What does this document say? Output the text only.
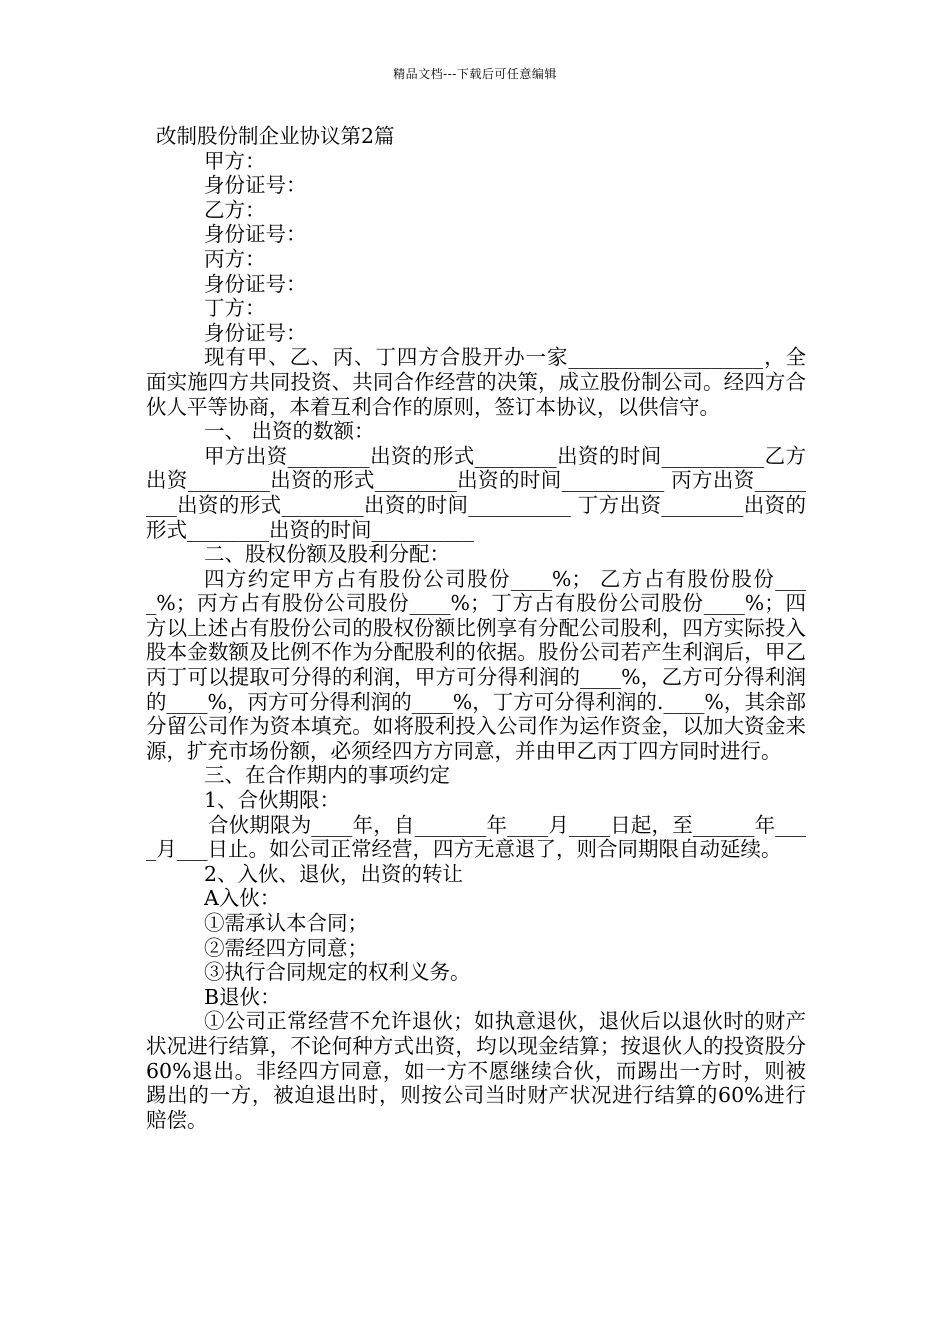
精品文档---下载后可任意编辑

改制股份制企业协议第2篇

甲方：

身份证号：

乙方：

身份证号：

丙方：

身份证号：

丁方：

身份证号：

现有甲、乙、丙、丁四方合股开办一家___________________，全面实施四方共同投资、共同合作经营的决策，成立股份制公司。经四方合伙人平等协商，本着互利合作的原则，签订本协议，以供信守。

一、 出资的数额：

甲方出资________出资的形式________出资的时间__________乙方出资________出资的形式________出资的时间__________ 丙方出资________出资的形式________出资的时间__________ 丁方出资________出资的形式________出资的时间__________

二、股权份额及股利分配：

四方约定甲方占有股份公司股份____%； 乙方占有股份股份____%；丙方占有股份公司股份____%；丁方占有股份公司股份____%；四方以上述占有股份公司的股权份额比例享有分配公司股利，四方实际投入股本金数额及比例不作为分配股利的依据。股份公司若产生利润后，甲乙丙丁可以提取可分得的利润，甲方可分得利润的____%，乙方可分得利润的____%，丙方可分得利润的____%，丁方可分得利润的.____%，其余部分留公司作为资本填充。如将股利投入公司作为运作资金，以加大资金来源，扩充市场份额，必须经四方方同意，并由甲乙丙丁四方同时进行。

三、在合作期内的事项约定

1、合伙期限：

合伙期限为____年，自_______年____月____日起，至______年____月___日止。如公司正常经营，四方无意退了，则合同期限自动延续。

2、入伙、退伙，出资的转让

A入伙：

①需承认本合同；

②需经四方同意；

③执行合同规定的权利义务。

B退伙：

①公司正常经营不允许退伙；如执意退伙，退伙后以退伙时的财产状况进行结算，不论何种方式出资，均以现金结算；按退伙人的投资股分60%退出。非经四方同意，如一方不愿继续合伙，而踢出一方时，则被踢出的一方，被迫退出时，则按公司当时财产状况进行结算的60%进行赔偿。
